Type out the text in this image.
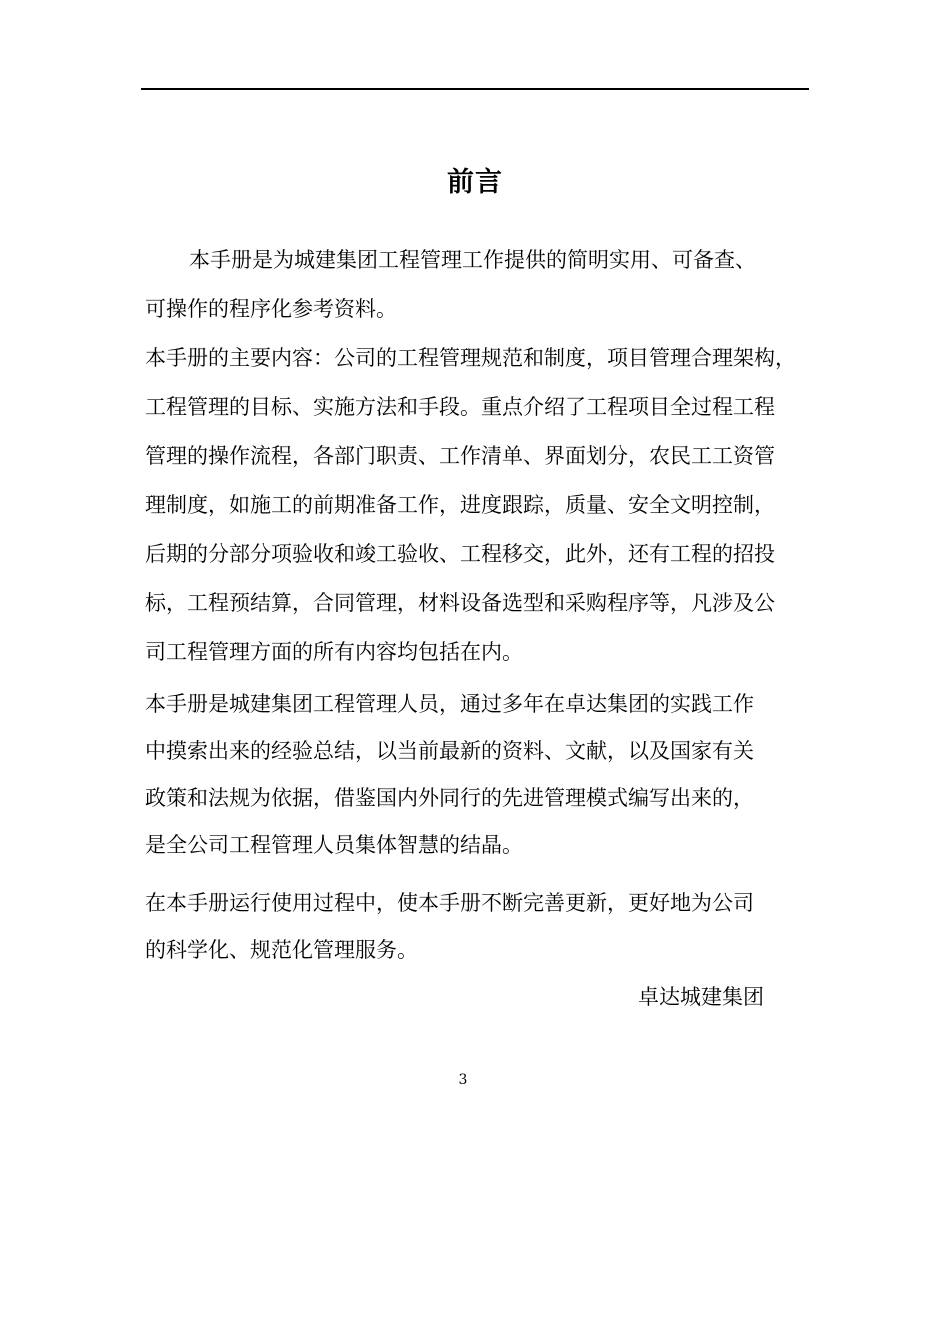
前言
本手册是为城建集团工程管理工作提供的简明实用、可备查、
可操作的程序化参考资料。
本手册的主要内容：公司的工程管理规范和制度，项目管理合理架构，
工程管理的目标、实施方法和手段。重点介绍了工程项目全过程工程
管理的操作流程，各部门职责、工作清单、界面划分，农民工工资管
理制度，如施工的前期准备工作，进度跟踪，质量、安全文明控制，
后期的分部分项验收和竣工验收、工程移交，此外，还有工程的招投
标，工程预结算，合同管理，材料设备选型和采购程序等，凡涉及公
司工程管理方面的所有内容均包括在内。
本手册是城建集团工程管理人员，通过多年在卓达集团的实践工作
中摸索出来的经验总结，以当前最新的资料、文献，以及国家有关
政策和法规为依据，借鉴国内外同行的先进管理模式编写出来的，
是全公司工程管理人员集体智慧的结晶。
在本手册运行使用过程中，使本手册不断完善更新，更好地为公司
的科学化、规范化管理服务。
卓达城建集团
3
